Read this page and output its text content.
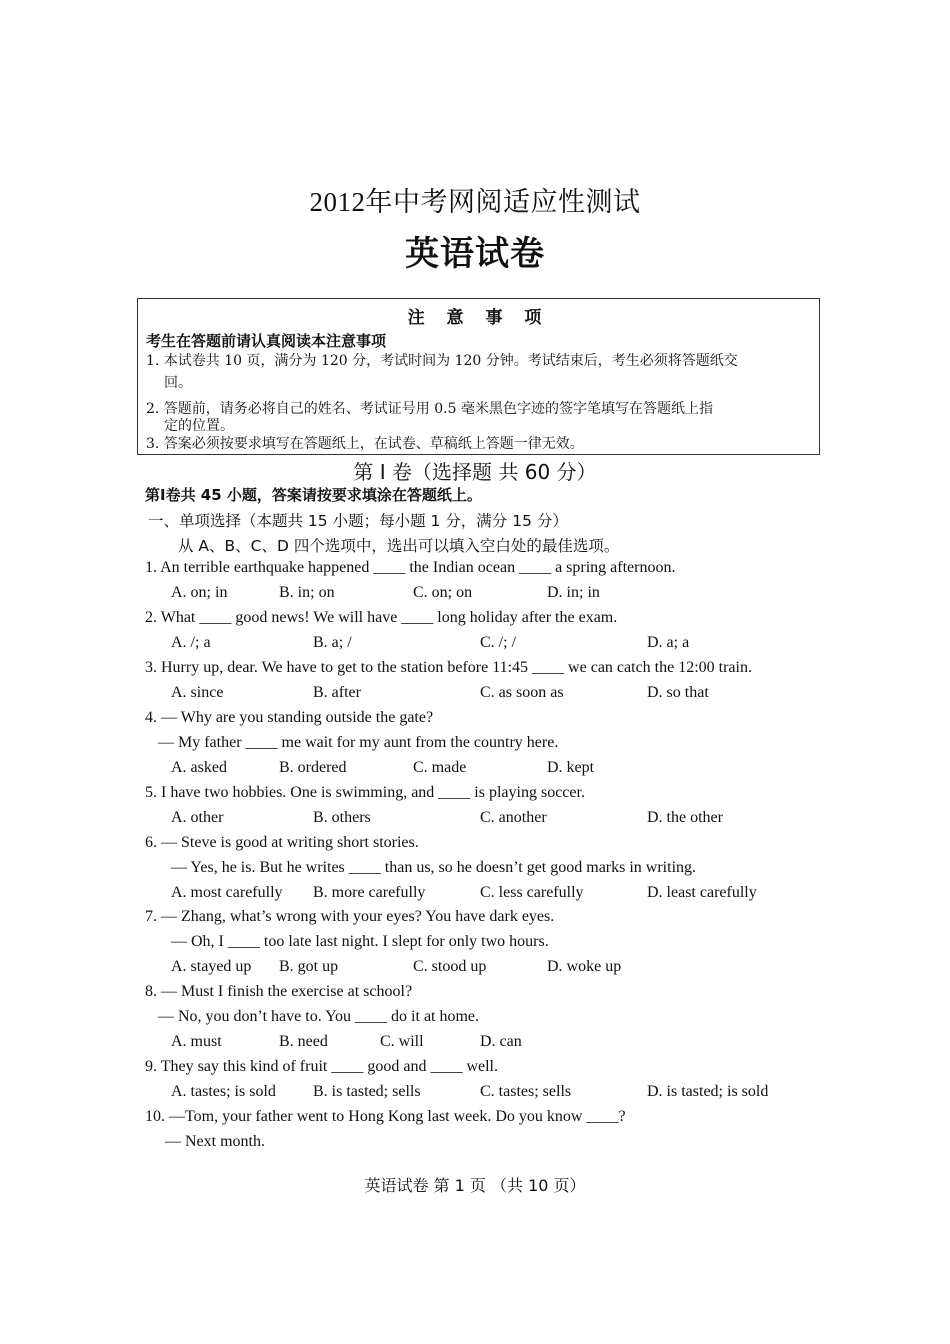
2012年中考网阅适应性测试
英语试卷
注 意 事 项
考生在答题前请认真阅读本注意事项
1. 本试卷共 10 页，满分为 120 分，考试时间为 120 分钟。考试结束后，考生必须将答题纸交
回。
2. 答题前，请务必将自己的姓名、考试证号用 0.5 毫米黑色字迹的签字笔填写在答题纸上指
定的位置。
3. 答案必须按要求填写在答题纸上，在试卷、草稿纸上答题一律无效。
第 Ⅰ 卷（选择题 共 60 分）
第Ⅰ卷共 45 小题，答案请按要求填涂在答题纸上。
一、单项选择（本题共 15 小题；每小题 1 分，满分 15 分）
从 A、B、C、D 四个选项中，选出可以填入空白处的最佳选项。
1. An terrible earthquake happened ____ the Indian ocean ____ a spring afternoon.
A. on; in	B. in; on	C. on; on	D. in; in
2. What ____ good news! We will have ____ long holiday after the exam.
A. /; a	B. a; /	C. /; /	D. a; a
3. Hurry up, dear. We have to get to the station before 11:45 ____ we can catch the 12:00 train.
A. since	B. after	C. as soon as	D. so that
4. — Why are you standing outside the gate?
— My father ____ me wait for my aunt from the country here.
A. asked	B. ordered	C. made	D. kept
5. I have two hobbies. One is swimming, and ____ is playing soccer.
A. other	B. others	C. another	D. the other
6. — Steve is good at writing short stories.
— Yes, he is. But he writes ____ than us, so he doesn’t get good marks in writing.
A. most carefully B. more carefully	C. less carefully	D. least carefully
7. — Zhang, what’s wrong with your eyes? You have dark eyes.
— Oh, I ____ too late last night. I slept for only two hours.
A. stayed up B. got up	C. stood up	D. woke up
8. — Must I finish the exercise at school?
— No, you don’t have to. You ____ do it at home.
A. must	B. need	C. will	D. can
9. They say this kind of fruit ____ good and ____ well.
A. tastes; is sold B. is tasted; sells	C. tastes; sells	D. is tasted; is sold
10. —Tom, your father went to Hong Kong last week. Do you know ____?
— Next month.
英语试卷 第 1 页 （共 10 页）
